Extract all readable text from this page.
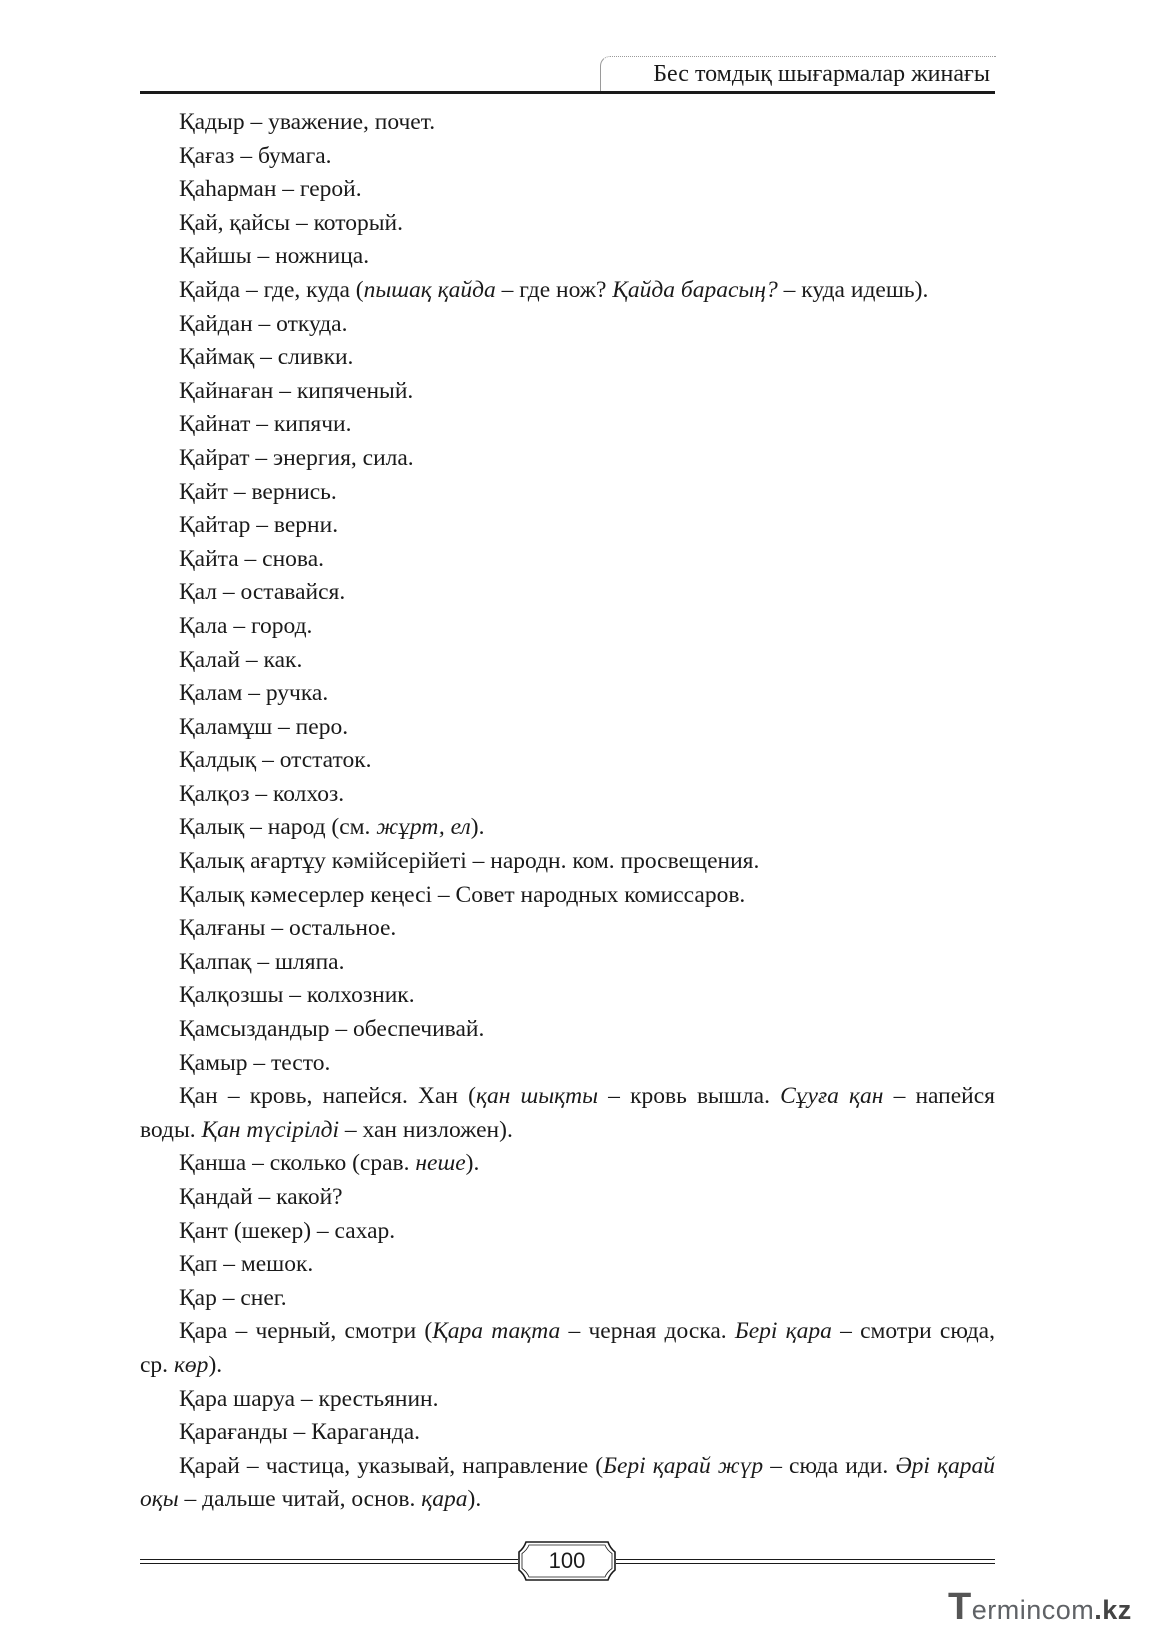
Бес томдық шығармалар жинағы
Қадыр – уважение, почет.
Қағаз – бумага.
Қаһарман – герой.
Қай, қайсы – который.
Қайшы – ножница.
Қайда – где, куда (пышақ қайда – где нож? Қайда барасың? – куда идешь).
Қайдан – откуда.
Қаймақ – сливки.
Қайнаған – кипяченый.
Қайнат – кипячи.
Қайрат – энергия, сила.
Қайт – вернись.
Қайтар – верни.
Қайта – снова.
Қал – оставайся.
Қала – город.
Қалай – как.
Қалам – ручка.
Қаламұш – перо.
Қалдық – отстаток.
Қалқоз – колхоз.
Қалық – народ (см. жұрт, ел).
Қалық ағартұу кәмійсерійеті – народн. ком. просвещения.
Қалық кәмесерлер кеңесі – Совет народных комиссаров.
Қалғаны – остальное.
Қалпақ – шляпа.
Қалқозшы – колхозник.
Қамсыздандыр – обеспечивай.
Қамыр – тесто.
Қан – кровь, напейся. Хан (қан шықты – кровь вышла. Сұуға қан – напейся воды. Қан түсірілді – хан низложен).
Қанша – сколько (срав. неше).
Қандай – какой?
Қант (шекер) – сахар.
Қап – мешок.
Қар – снег.
Қара – черный, смотри (Қара тақта – черная доска. Бері қара – смотри сюда, ср. көр).
Қара шаруа – крестьянин.
Қарағанды – Караганда.
Қарай – частица, указывай, направление (Бері қарай жүр – сюда иди. Әрі қарай оқы – дальше читай, основ. қара).
100
Termincom.kz
